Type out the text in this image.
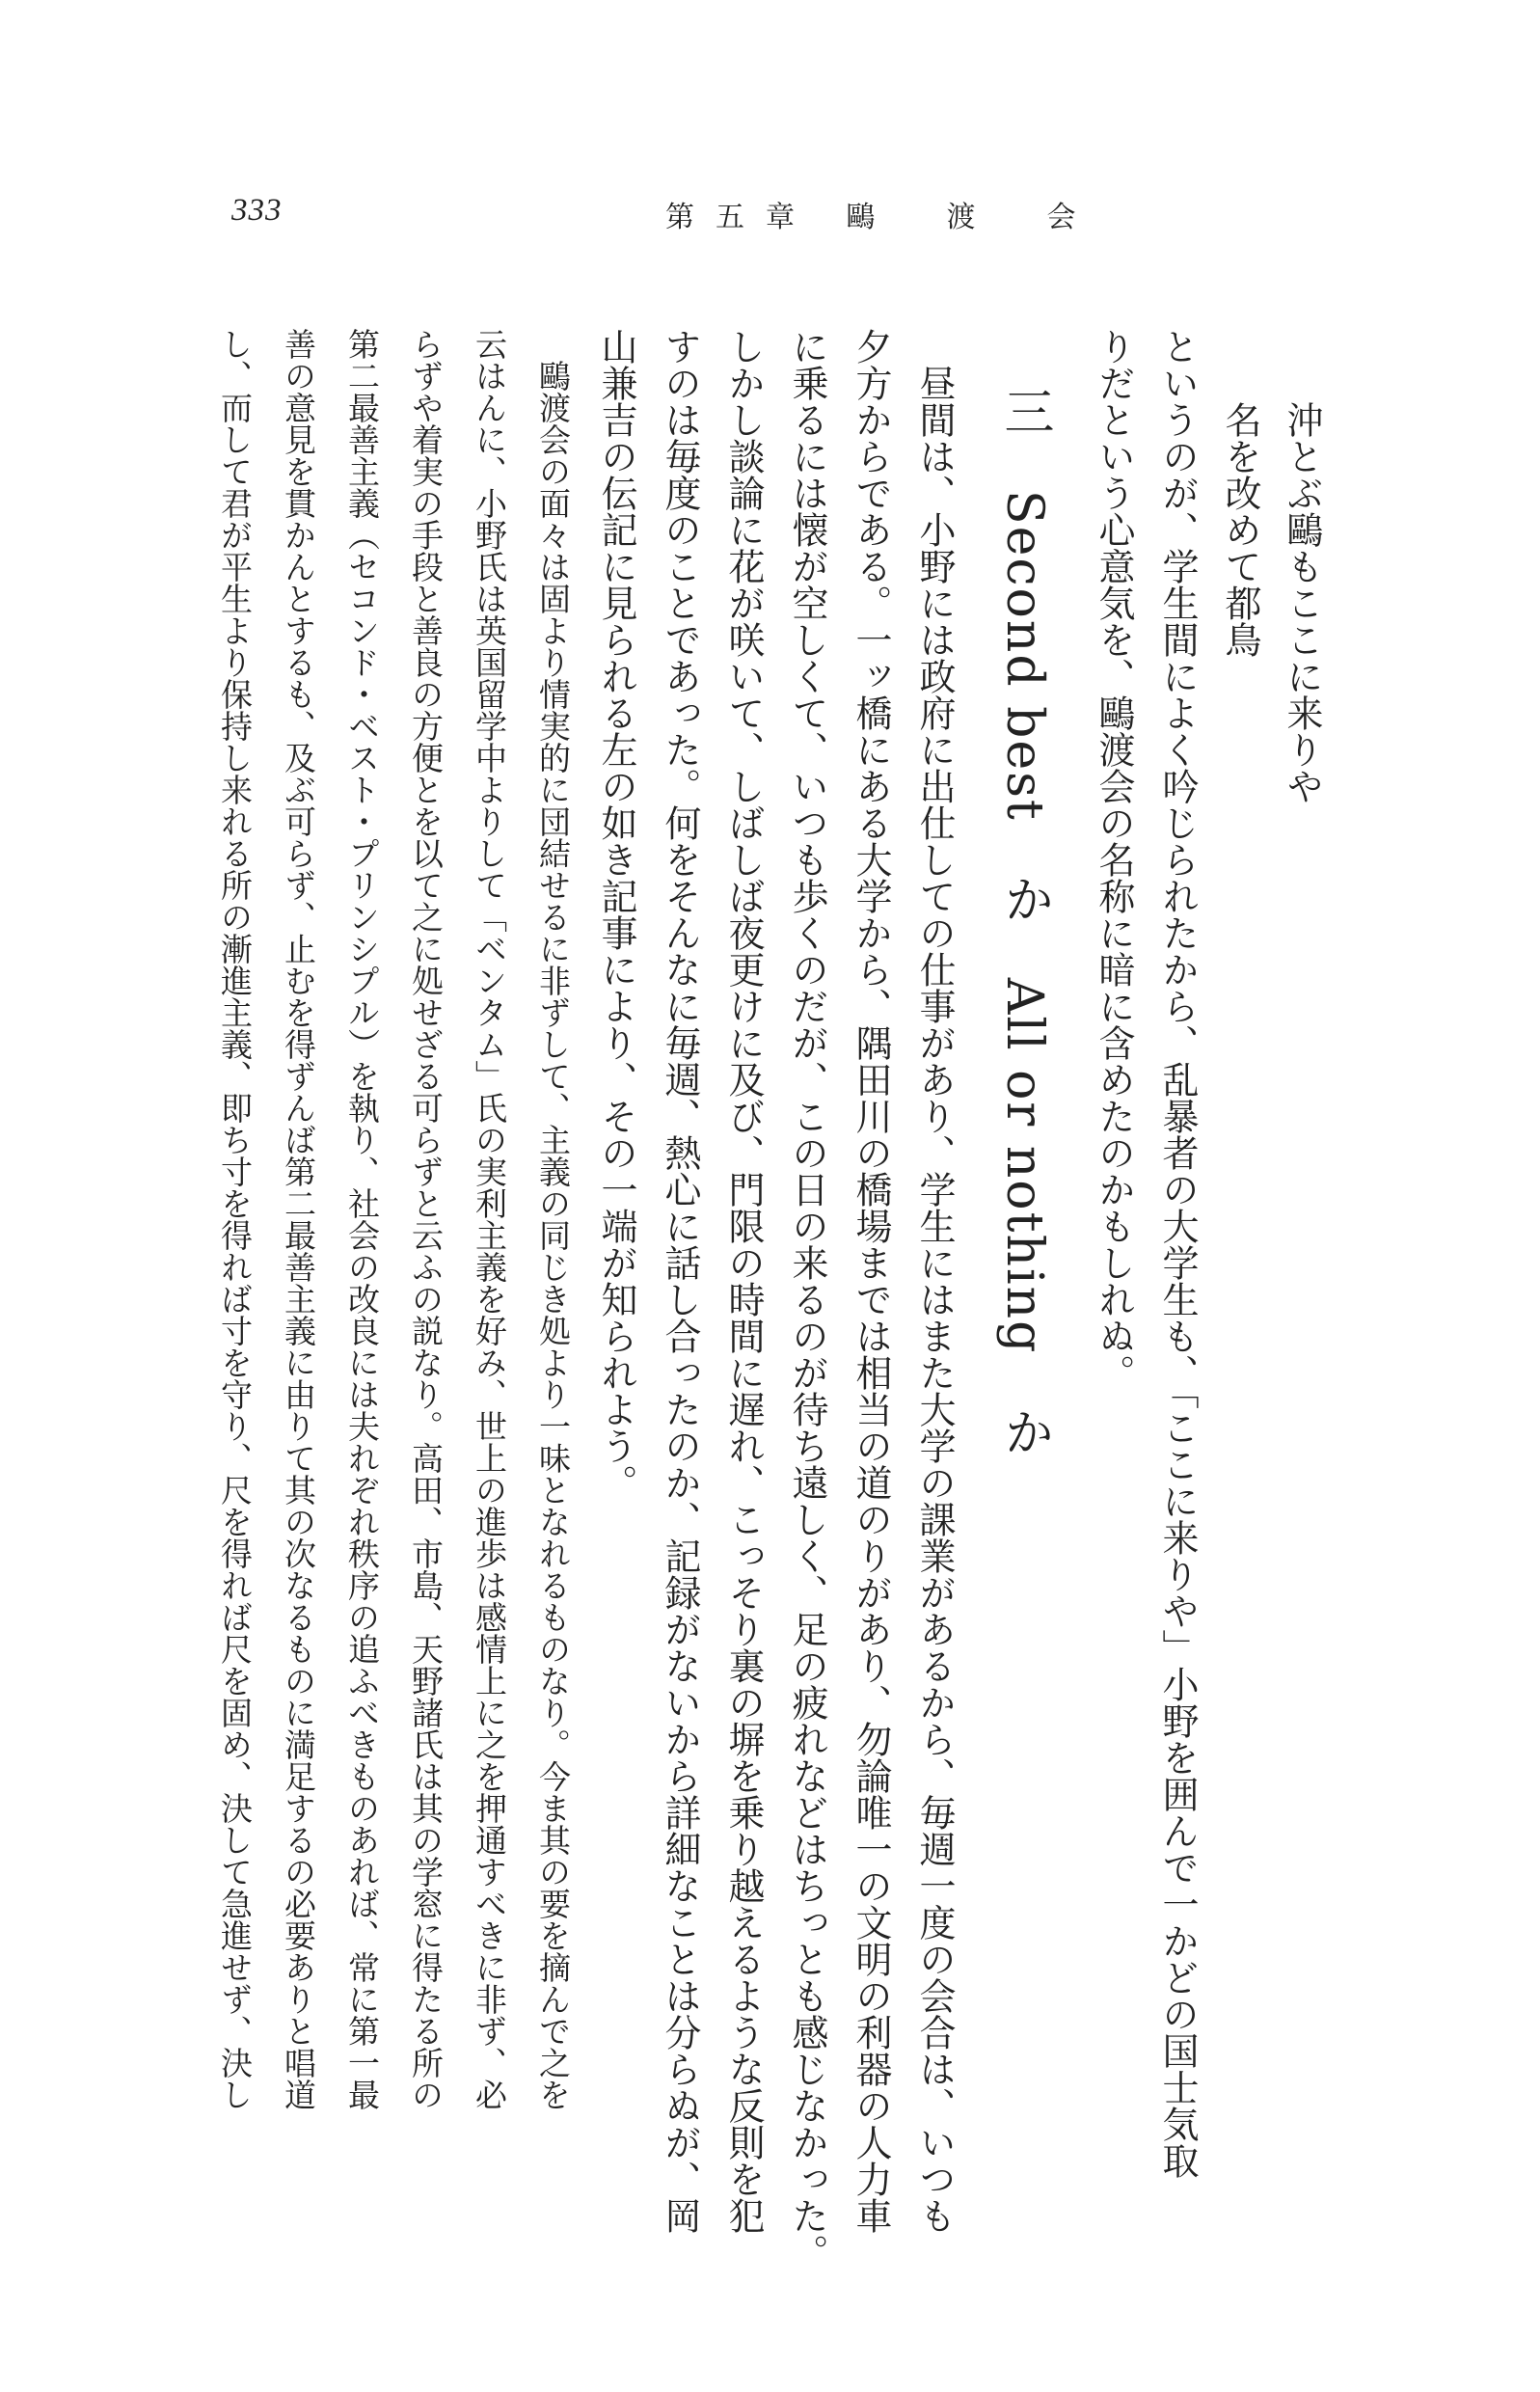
333	第五章 鷗　渡　会
沖とぶ鷗もここに来りや
名を改めて都鳥
というのが、学生間によく吟じられたから、乱暴者の大学生も、「ここに来りや」小野を囲んで一かどの国士気取
りだという心意気を、鷗渡会の名称に暗に含めたのかもしれぬ。
三　Second best　か　All or nothing　か
昼間は、小野には政府に出仕しての仕事があり、学生にはまた大学の課業があるから、毎週一度の会合は、いつも
夕方からである。一ッ橋にある大学から、隅田川の橋場までは相当の道のりがあり、勿論唯一の文明の利器の人力車
に乗るには懐が空しくて、いつも歩くのだが、この日の来るのが待ち遠しく、足の疲れなどはちっとも感じなかった。
しかし談論に花が咲いて、しばしば夜更けに及び、門限の時間に遅れ、こっそり裏の塀を乗り越えるような反則を犯
すのは毎度のことであった。何をそんなに毎週、熱心に話し合ったのか、記録がないから詳細なことは分らぬが、岡
山兼吉の伝記に見られる左の如き記事により、その一端が知られよう。
鷗渡会の面々は固より情実的に団結せるに非ずして、主義の同じき処より一味となれるものなり。今ま其の要を摘んで之を
云はんに、小野氏は英国留学中よりして「ベンタム」氏の実利主義を好み、世上の進歩は感情上に之を押通すべきに非ず、必
らずや着実の手段と善良の方便とを以て之に処せざる可らずと云ふの説なり。高田、市島、天野諸氏は其の学窓に得たる所の
第二最善主義（セコンド・ベスト・プリンシプル）を執り、社会の改良には夫れぞれ秩序の追ふべきものあれば、常に第一最
善の意見を貫かんとするも、及ぶ可らず、止むを得ずんば第二最善主義に由りて其の次なるものに満足するの必要ありと唱道
し、而して君が平生より保持し来れる所の漸進主義、即ち寸を得れば寸を守り、尺を得れば尺を固め、決して急進せず、決し
